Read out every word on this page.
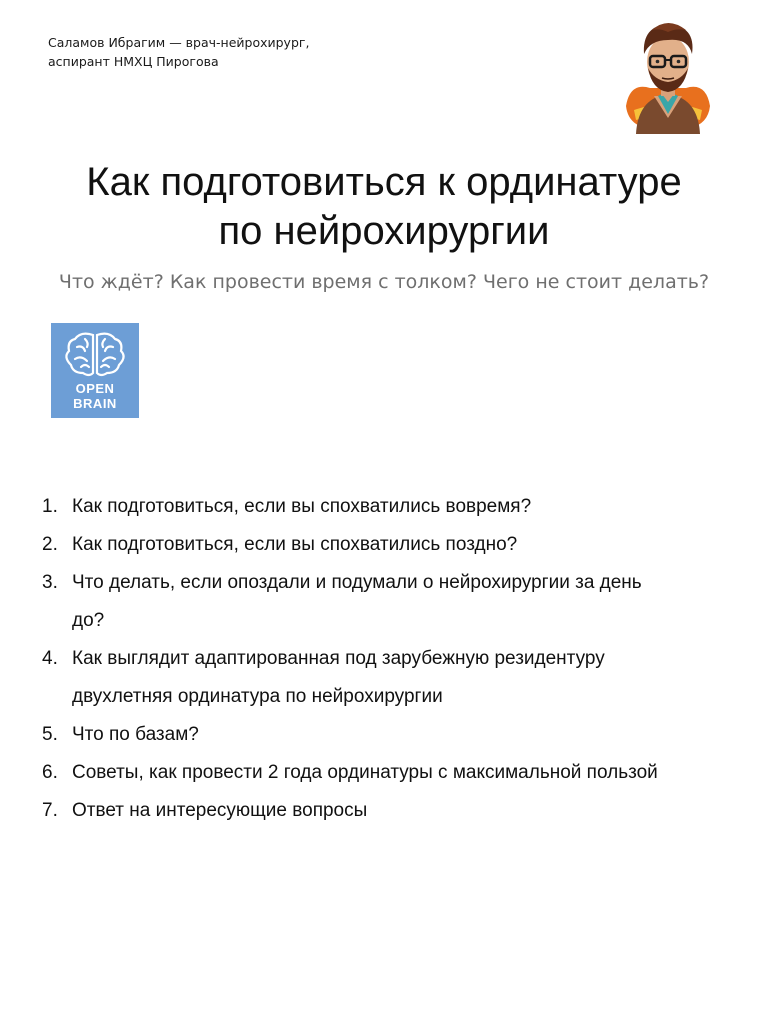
Саламов Ибрагим — врач-нейрохирург,
аспирант НМХЦ Пирогова
Как подготовиться к ординатуре
по нейрохирургии
Что ждёт? Как провести время с толком? Чего не стоит делать?
OPEN
BRAIN
1. Как подготовиться, если вы спохватились вовремя?
2. Как подготовиться, если вы спохватились поздно?
3. Что делать, если опоздали и подумали о нейрохирургии за день
до?
4. Как выглядит адаптированная под зарубежную резидентуру
двухлетняя ординатура по нейрохирургии
5. Что по базам?
6. Советы, как провести 2 года ординатуры с максимальной пользой
7. Ответ на интересующие вопросы
